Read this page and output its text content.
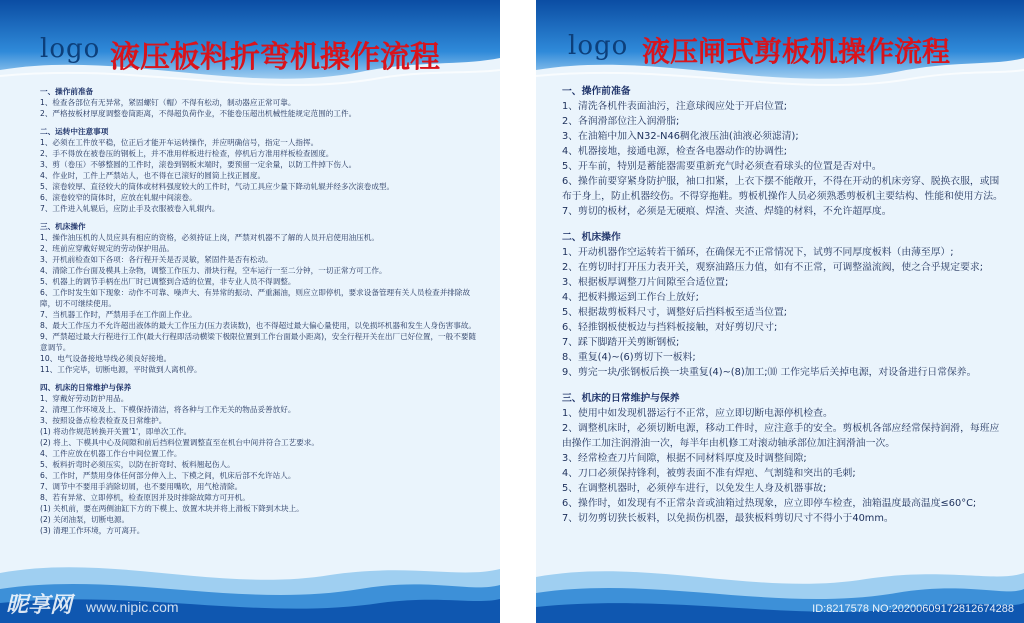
logo 液压板料折弯机操作流程

一、操作前准备

1、检查各部位有无异常，紧固螺钉（帽）不得有松动，制动器应正常可靠。

2、严格按板材厚度调整卷筒距离，不得超负荷作业，不能卷压超出机械性能规定范围的工件。

二、运转中注意事项

1、必须在工件放平稳，位正后才能开车运转操作，并应明确信号，指定一人指挥。

2、手不得放在被卷压的钢板上，并不准用样板进行检查，停机后方准用样板检查圆度。

3、剪（卷压）不够整圆的工件时，滚卷到钢板末端时，要预留一定余量，以防工件掉下伤人。

4、作业时，工件上严禁站人，也不得在已滚好的圆筒上找正圆度。

5、滚卷较厚、直径较大的筒体或材料强度较大的工件时，气动工具应少量下降动轧辊并经多次滚卷成型。

6、滚卷较窄的筒体时，应放在轧辊中间滚卷。

7、工件进入轧辊后，应防止手及衣服被卷入轧辊内。

三、机床操作

1、操作油压机的人员应具有相应的资格，必须持证上岗，严禁对机器不了解的人员开启使用油压机。

2、班前应穿戴好规定的劳动保护用品。

3、开机前检查如下各项：各行程开关是否灵敏，紧固件是否有松动。

4、清除工作台面及模具上杂物，调整工作压力、滑块行程，空车运行一至二分钟，一切正常方可工作。

5、机器上的调节手柄在出厂时已调整到合适的位置，非专业人员不得调整。

6、工作时发生如下现象：动作不可靠、噪声大、有异常的振动、严重漏油，则应立即停机，要求设备管理有关人员检查并排除故障，切不可继续使用。

7、当机器工作时，严禁用手在工作面上作业。

8、最大工作压力不允许超出液体的最大工作压力(压力表读数)，也不得超过最大偏心量使用，以免损坏机器和发生人身伤害事故。

9、严禁超过最大行程进行工作(最大行程即活动横梁下极限位置到工作台面最小距离)，安全行程开关在出厂已好位置，一般不要随意调节。

10、电气设备接地导线必须良好接地。

11、工作完毕，切断电源，平时做到人离机停。

四、机床的日常维护与保养

1、穿戴好劳动防护用品。

2、清理工作环境及上、下模保持清洁，将各种与工作无关的物品妥善放好。

3、按照设备点检表检查及日常维护。

(1) 将动作规范转换开关置'1'，即单次工作。

(2) 将上、下模具中心及间隙和前后挡料位置调整直至在机台中间并符合工艺要求。

4、工件应放在机器工作台中间位置工作。

5、板料折弯时必须压实，以防在折弯时、板料翘起伤人。

6、工作时，严禁用身体任何部分伸入上、下模之间，机床后部不允许站人。

7、调节中不要用手消除切屑，也不要用嘴吹，用气枪清除。

8、若有异常、立即停机，检查原因并及时排除故障方可开机。

(1) 关机前，要在两侧油缸下方的下模上、放置木块并将上滑板下降到木块上。

(2) 关闭油泵，切断电源。

(3) 清理工作环境，方可离开。

昵享网 www.nipic.com
logo 液压闸式剪板机操作流程

一、操作前准备

1、清洗各机件表面油污，注意球阀应处于开启位置;

2、各润滑部位注入润滑脂;

3、在油箱中加入N32-N46稠化液压油(油液必须滤清);

4、机器接地，接通电源，检查各电器动作的协调性;

5、开车前，特别是蓄能器需要重新充气时必须查看球头的位置是否对中。

6、操作前要穿紧身防护服，袖口扣紧，上衣下摆不能敞开，不得在开动的机床旁穿、脱换衣服，或围布于身上，防止机器绞伤。不得穿拖鞋。剪板机操作人员必须熟悉剪板机主要结构、性能和使用方法。

7、剪切的板材，必须是无硬痕、焊渣、夹渣、焊缝的材料，不允许超厚度。

二、机床操作

1、开动机器作空运转若干循环，在确保无不正常情况下，试剪不同厚度板料（由薄至厚）;

2、在剪切时打开压力表开关，观察油路压力值，如有不正常，可调整溢流阀，使之合乎规定要求;

3、根据板厚调整刀片间隙至合适位置;

4、把板料搬运到工作台上放好;

5、根据裁剪板料尺寸，调整好后挡料板至适当位置;

6、轻推钢板使板边与挡料板接触，对好剪切尺寸;

7、踩下脚踏开关剪断钢板;

8、重复(4)~(6)剪切下一板料;

9、剪完一块/张钢板后换一块重复(4)~(8)加工;⑽ 工作完毕后关掉电源，对设备进行日常保养。

三、机床的日常维护与保养

1、使用中如发现机器运行不正常，应立即切断电源停机检查。

2、调整机床时，必须切断电源，移动工件时，应注意手的安全。剪板机各部应经常保持润滑，每班应由操作工加注润滑油一次，每半年由机修工对滚动轴承部位加注润滑油一次。

3、经常检查刀片间隙，根据不同材料厚度及时调整间隙;

4、刀口必须保持锋利，被剪表面不准有焊疤、气割缝和突出的毛刺;

5、在调整机器时，必须停车进行，以免发生人身及机器事故;

6、操作时，如发现有不正常杂音或油箱过热现象，应立即停车检查，油箱温度最高温度≤60°C;

7、切勿剪切狭长板料，以免损伤机器，最狭板料剪切尺寸不得小于40mm。

ID:8217578 NO:20200609172812674288
